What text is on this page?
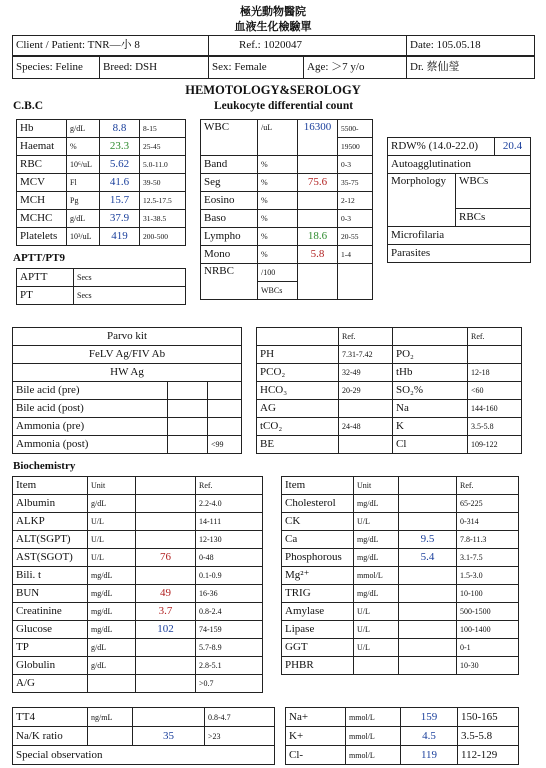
極光動物醫院
血液生化檢驗單
Client / Patient: TNR—小 8	Ref.: 1020047	Date: 105.05.18
Species: Feline	Breed: DSH	Sex: Female	Age: ＞7 y/o	Dr. 蔡仙瑩
HEMOTOLOGY&SEROLOGY
C.B.C	Leukocyte differential count
Hb	g/dL	8.8	8-15
Haemat	%	23.3	25-45
RBC	10⁶/uL	5.62	5.0-11.0
MCV	Fl	41.6	39-50
MCH	Pg	15.7	12.5-17.5
MCHC	g/dL	37.9	31-38.5
Platelets	10³/uL	419	200-500
APTT/PT9
APTT	Secs
PT	Secs
WBC	/uL	16300	5500-
			19500
Band	%		0-3
Seg	%	75.6	35-75
Eosino	%		2-12
Baso	%		0-3
Lympho	%	18.6	20-55
Mono	%	5.8	1-4
NRBC	/100		
	WBCs		
RDW% (14.0-22.0)		20.4
Autoagglutination		
Morphology	WBCs	
	RBCs	
Microfilaria		
Parasites		
Parvo kit		
FeLV Ag/FIV Ab		
HW Ag		
Bile acid (pre)		
Bile acid (post)		
Ammonia (pre)		
Ammonia (post)		<99
	Ref.		Ref.
PH	7.31-7.42	PO₂	
PCO₂	32-49	tHb	12-18
HCO₃	20-29	SO₂%	<60
AG		Na	144-160
tCO₂	24-48	K	3.5-5.8
BE		Cl	109-122
Biochemistry
Item	Unit		Ref.
Albumin	g/dL		2.2-4.0
ALKP	U/L		14-111
ALT(SGPT)	U/L		12-130
AST(SGOT)	U/L	76	0-48
Bili. t	mg/dL		0.1-0.9
BUN	mg/dL	49	16-36
Creatinine	mg/dL	3.7	0.8-2.4
Glucose	mg/dL	102	74-159
TP	g/dL		5.7-8.9
Globulin	g/dL		2.8-5.1
A/G			>0.7
Item	Unit		Ref.
Cholesterol	mg/dL		65-225
CK	U/L		0-314
Ca	mg/dL	9.5	7.8-11.3
Phosphorous	mg/dL	5.4	3.1-7.5
Mg²⁺	mmol/L		1.5-3.0
TRIG	mg/dL		10-100
Amylase	U/L		500-1500
Lipase	U/L		100-1400
GGT	U/L		0-1
PHBR			10-30
TT4	ng/mL		0.8-4.7
Na/K ratio		35	>23
Special observation			
Na+	mmol/L	159	150-165
K+	mmol/L	4.5	3.5-5.8
Cl-	mmol/L	119	112-129
